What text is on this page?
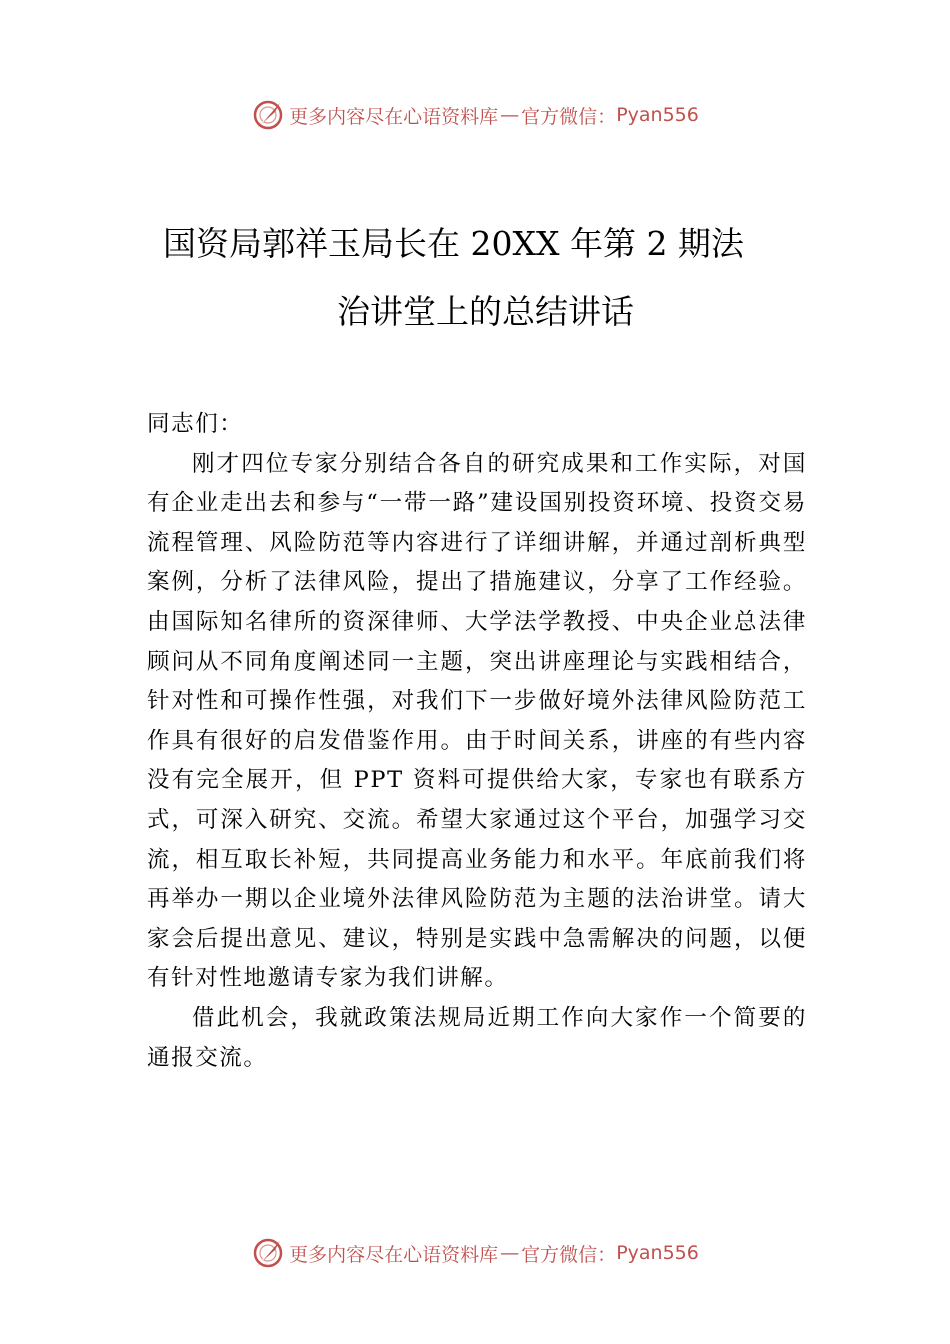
更多内容尽在心语资料库 — 官方微信： Pyan556
国资局郭祥玉局长在 20XX 年第 2 期法
治讲堂上的总结讲话

同志们：

刚才四位专家分别结合各自的研究成果和工作实际，对国有企业走出去和参与“一带一路”建设国别投资环境、投资交易流程管理、风险防范等内容进行了详细讲解，并通过剖析典型案例，分析了法律风险，提出了措施建议，分享了工作经验。由国际知名律所的资深律师、大学法学教授、中央企业总法律顾问从不同角度阐述同一主题，突出讲座理论与实践相结合，针对性和可操作性强，对我们下一步做好境外法律风险防范工作具有很好的启发借鉴作用。由于时间关系，讲座的有些内容没有完全展开，但 PPT 资料可提供给大家，专家也有联系方式，可深入研究、交流。希望大家通过这个平台，加强学习交流，相互取长补短，共同提高业务能力和水平。年底前我们将再举办一期以企业境外法律风险防范为主题的法治讲堂。请大家会后提出意见、建议，特别是实践中急需解决的问题，以便有针对性地邀请专家为我们讲解。

借此机会，我就政策法规局近期工作向大家作一个简要的通报交流。

更多内容尽在心语资料库 — 官方微信： Pyan556
